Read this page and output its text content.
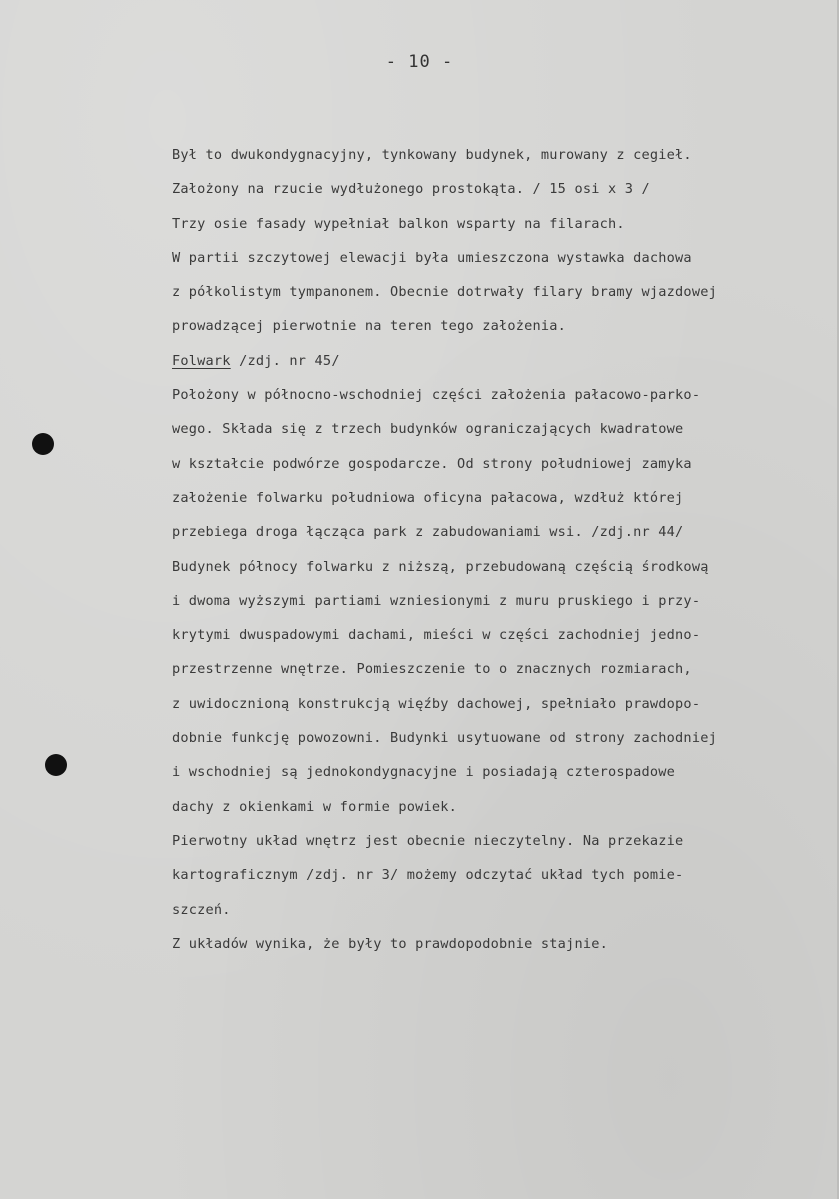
- 10 -
Był to dwukondygnacyjny, tynkowany budynek, murowany z cegieł.
Założony na rzucie wydłużonego prostokąta. / 15 osi x 3 /
Trzy osie fasady wypełniał balkon wsparty na filarach.
W partii szczytowej elewacji była umieszczona wystawka dachowa
z półkolistym tympanonem. Obecnie dotrwały filary bramy wjazdowej
prowadzącej pierwotnie na teren tego założenia.
Folwark /zdj. nr 45/
Położony w północno-wschodniej części założenia pałacowo-parko-
wego. Składa się z trzech budynków ograniczających kwadratowe
w kształcie podwórze gospodarcze. Od strony południowej zamyka
założenie folwarku południowa oficyna pałacowa, wzdłuż której
przebiega droga łącząca park z zabudowaniami wsi. /zdj.nr 44/
Budynek północy folwarku z niższą, przebudowaną częścią środkową
i dwoma wyższymi partiami wzniesionymi z muru pruskiego i przy-
krytymi dwuspadowymi dachami, mieści w części zachodniej jedno-
przestrzenne wnętrze. Pomieszczenie to o znacznych rozmiarach,
z uwidocznioną konstrukcją więźby dachowej, spełniało prawdopo-
dobnie funkcję powozowni. Budynki usytuowane od strony zachodniej
i wschodniej są jednokondygnacyjne i posiadają czterospadowe
dachy z okienkami w formie powiek.
Pierwotny układ wnętrz jest obecnie nieczytelny. Na przekazie
kartograficznym /zdj. nr 3/ możemy odczytać układ tych pomie-
szczeń.
Z układów wynika, że były to prawdopodobnie stajnie.
